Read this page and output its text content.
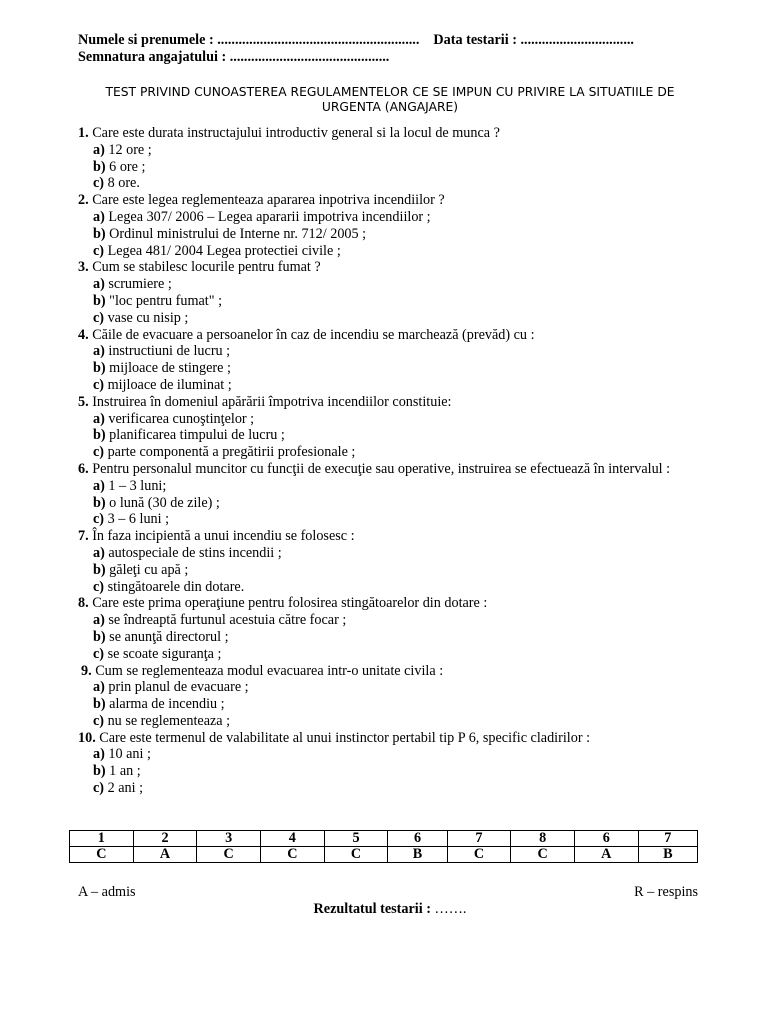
Numele si prenumele : ......................................................... Data testarii : ................................
Semnatura angajatului : .............................................
TEST PRIVIND CUNOASTEREA REGULAMENTELOR CE SE IMPUN CU PRIVIRE LA SITUATIILE DE URGENTA (ANGAJARE)
1. Care este durata instructajului introductiv general si la locul de munca ?
a) 12 ore ;
b) 6 ore ;
c) 8 ore.
2. Care este legea reglementeaza apararea inpotriva incendiilor ?
a) Legea 307/ 2006 – Legea apararii impotriva incendiilor ;
b) Ordinul ministrului de Interne nr. 712/ 2005 ;
c) Legea 481/ 2004 Legea protectiei civile ;
3. Cum se stabilesc locurile pentru fumat ?
a) scrumiere ;
b) "loc pentru fumat" ;
c) vase cu nisip ;
4. Căile de evacuare a persoanelor în caz de incendiu se marchează (prevăd) cu :
a) instructiuni de lucru ;
b) mijloace de stingere ;
c) mijloace de iluminat ;
5. Instruirea în domeniul apărării împotriva incendiilor constituie:
a) verificarea cunoştinţelor ;
b) planificarea timpului de lucru ;
c) parte componentă a pregătirii profesionale ;
6. Pentru personalul muncitor cu funcţii de execuţie sau operative, instruirea se efectuează în intervalul :
a) 1 – 3 luni;
b) o lună (30 de zile) ;
c) 3 – 6 luni ;
7. În faza incipientă a unui incendiu se folosesc :
a) autospeciale de stins incendii ;
b) găleţi cu apă ;
c) stingătoarele din dotare.
8. Care este prima operaţiune pentru folosirea stingătoarelor din dotare :
a) se îndreaptă furtunul acestuia către focar ;
b) se anunţă directorul ;
c) se scoate siguranţa ;
9. Cum se reglementeaza modul evacuarea intr-o unitate civila :
a) prin planul de evacuare ;
b) alarma de incendiu ;
c) nu se reglementeaza ;
10. Care este termenul de valabilitate al unui instinctor pertabil tip P 6, specific cladirilor :
a) 10 ani ;
b) 1 an ;
c) 2 ani ;
1	2	3	4	5	6	7	8	6	7
C	A	C	C	C	B	C	C	A	B
A – admis	R – respins
Rezultatul testarii : …….
